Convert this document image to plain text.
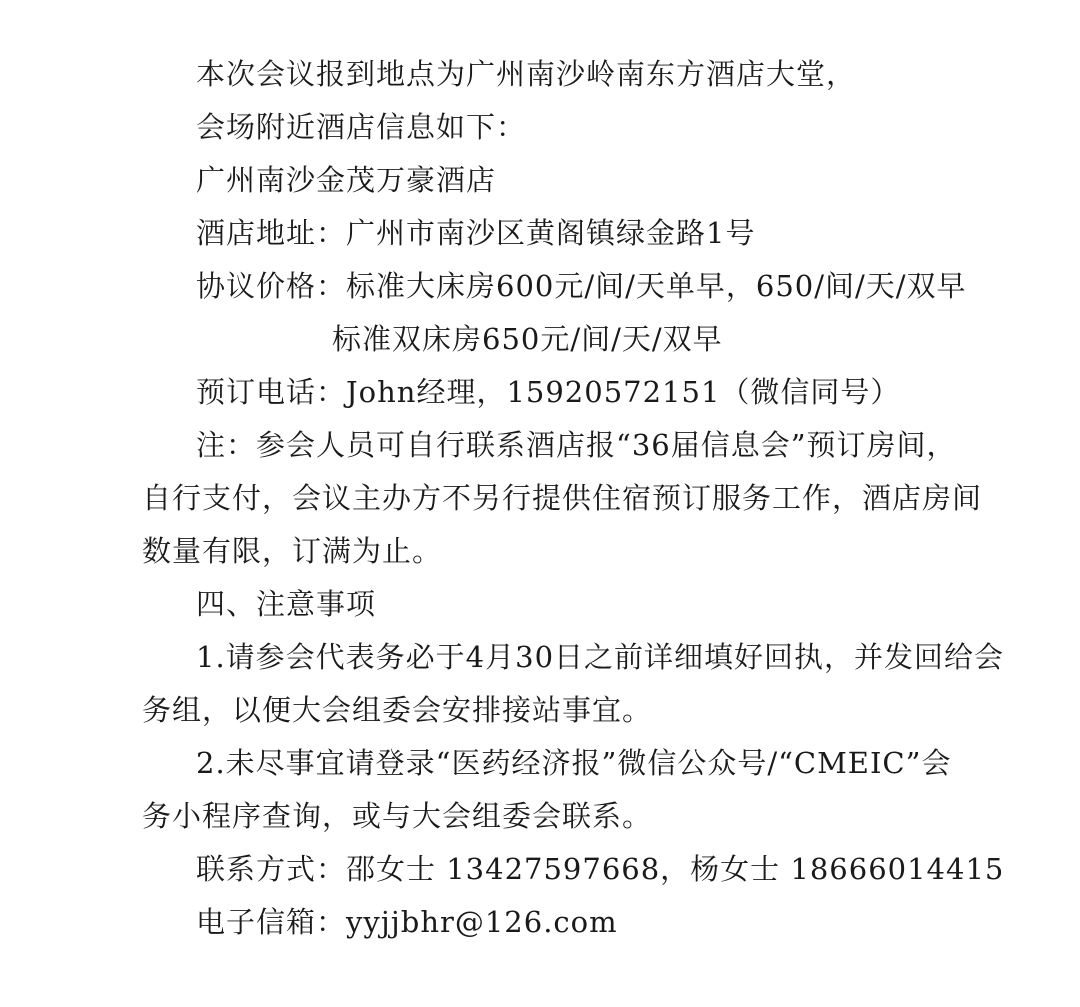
本次会议报到地点为广州南沙岭南东方酒店大堂，
会场附近酒店信息如下：
广州南沙金茂万豪酒店
酒店地址：广州市南沙区黄阁镇绿金路1号
协议价格：标准大床房600元/间/天单早，650/间/天/双早
标准双床房650元/间/天/双早
预订电话：John经理，15920572151（微信同号）
注：参会人员可自行联系酒店报“36届信息会”预订房间，
自行支付，会议主办方不另行提供住宿预订服务工作，酒店房间
数量有限，订满为止。
四、注意事项
1.请参会代表务必于4月30日之前详细填好回执，并发回给会
务组，以便大会组委会安排接站事宜。
2.未尽事宜请登录“医药经济报”微信公众号/“CMEIC”会
务小程序查询，或与大会组委会联系。
联系方式：邵女士 13427597668，杨女士 18666014415
电子信箱：yyjjbhr@126.com
